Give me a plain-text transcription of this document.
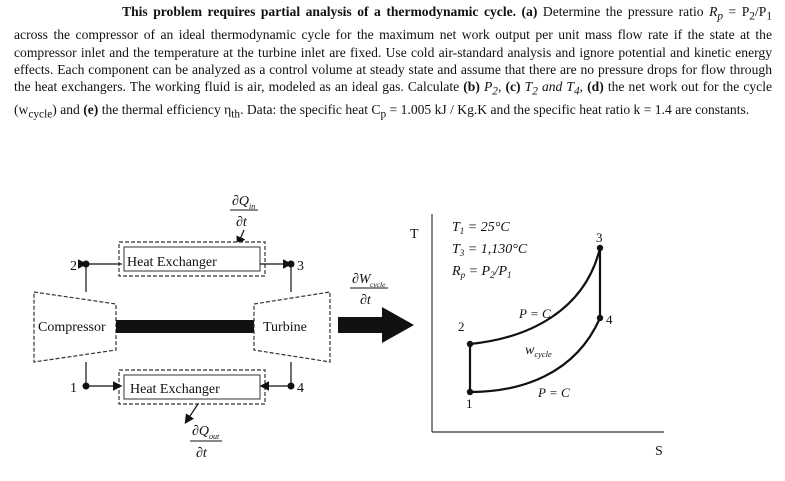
This problem requires partial analysis of a thermodynamic cycle. (a) Determine the pressure ratio $R_p = P_2/P_1$ across the compressor of an ideal thermodynamic cycle for the maximum net work output per unit mass flow rate if the state at the compressor inlet and the temperature at the turbine inlet are fixed. Use cold air-standard analysis and ignore potential and kinetic energy effects. Each component can be analyzed as a control volume at steady state and assume that there are no pressure drops for flow through the heat exchangers. The working fluid is air, modeled as an ideal gas. Calculate (b) $P_2$, (c) $T_2$ and $T_4$, (d) the net work out for the cycle $(w_{cycle})$ and (e) the thermal efficiency $\eta_{th}$. Data: the specific heat $C_p = 1.005$ kJ / Kg.K and the specific heat ratio k = 1.4 are constants.
∂Q in
∂t
Heat Exchanger
2	3
Compressor	Turbine
∂W cycle
∂t
Heat Exchanger
1	4
∂Q out
∂t
T
S
$T_1 = 25^\circ C$
$T_3 = 1,130^\circ C$
$R_p = P_2/P_1$
1
2
3
4
P = C
P = C
$w_{cycle}$
